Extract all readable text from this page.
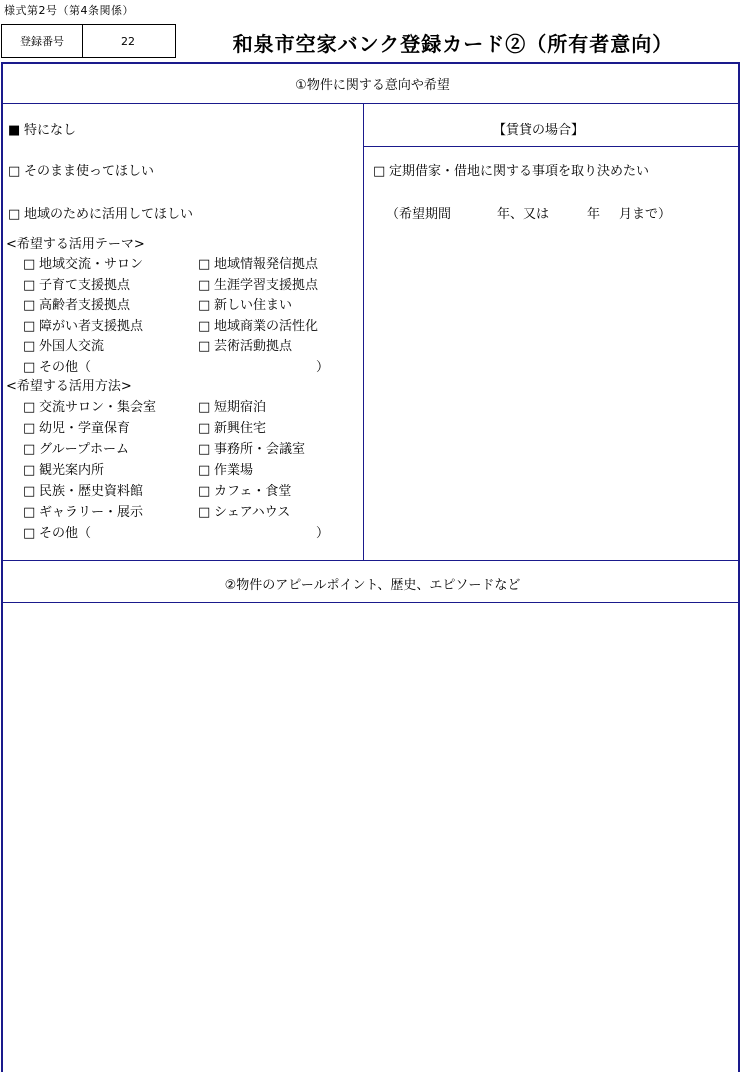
様式第2号（第4条関係）
登録番号	22	和泉市空家バンク登録カード②（所有者意向）
①物件に関する意向や希望
【賃貸の場合】
■ 特になし
□ そのまま使ってほしい
□ 地域のために活用してほしい
<希望する活用テーマ>
□ 地域交流・サロン	□ 地域情報発信拠点
□ 子育て支援拠点	□ 生涯学習支援拠点
□ 高齢者支援拠点	□ 新しい住まい
□ 障がい者支援拠点	□ 地域商業の活性化
□ 外国人交流	□ 芸術活動拠点
□ その他（	）
<希望する活用方法>
□ 交流サロン・集会室	□ 短期宿泊
□ 幼児・学童保育	□ 新興住宅
□ グループホーム	□ 事務所・会議室
□ 観光案内所	□ 作業場
□ 民族・歴史資料館	□ カフェ・食堂
□ ギャラリー・展示	□ シェアハウス
□ その他（	）
□ 定期借家・借地に関する事項を取り決めたい
（希望期間	年、又は	年 月まで）
②物件のアピールポイント、歴史、エピソードなど
